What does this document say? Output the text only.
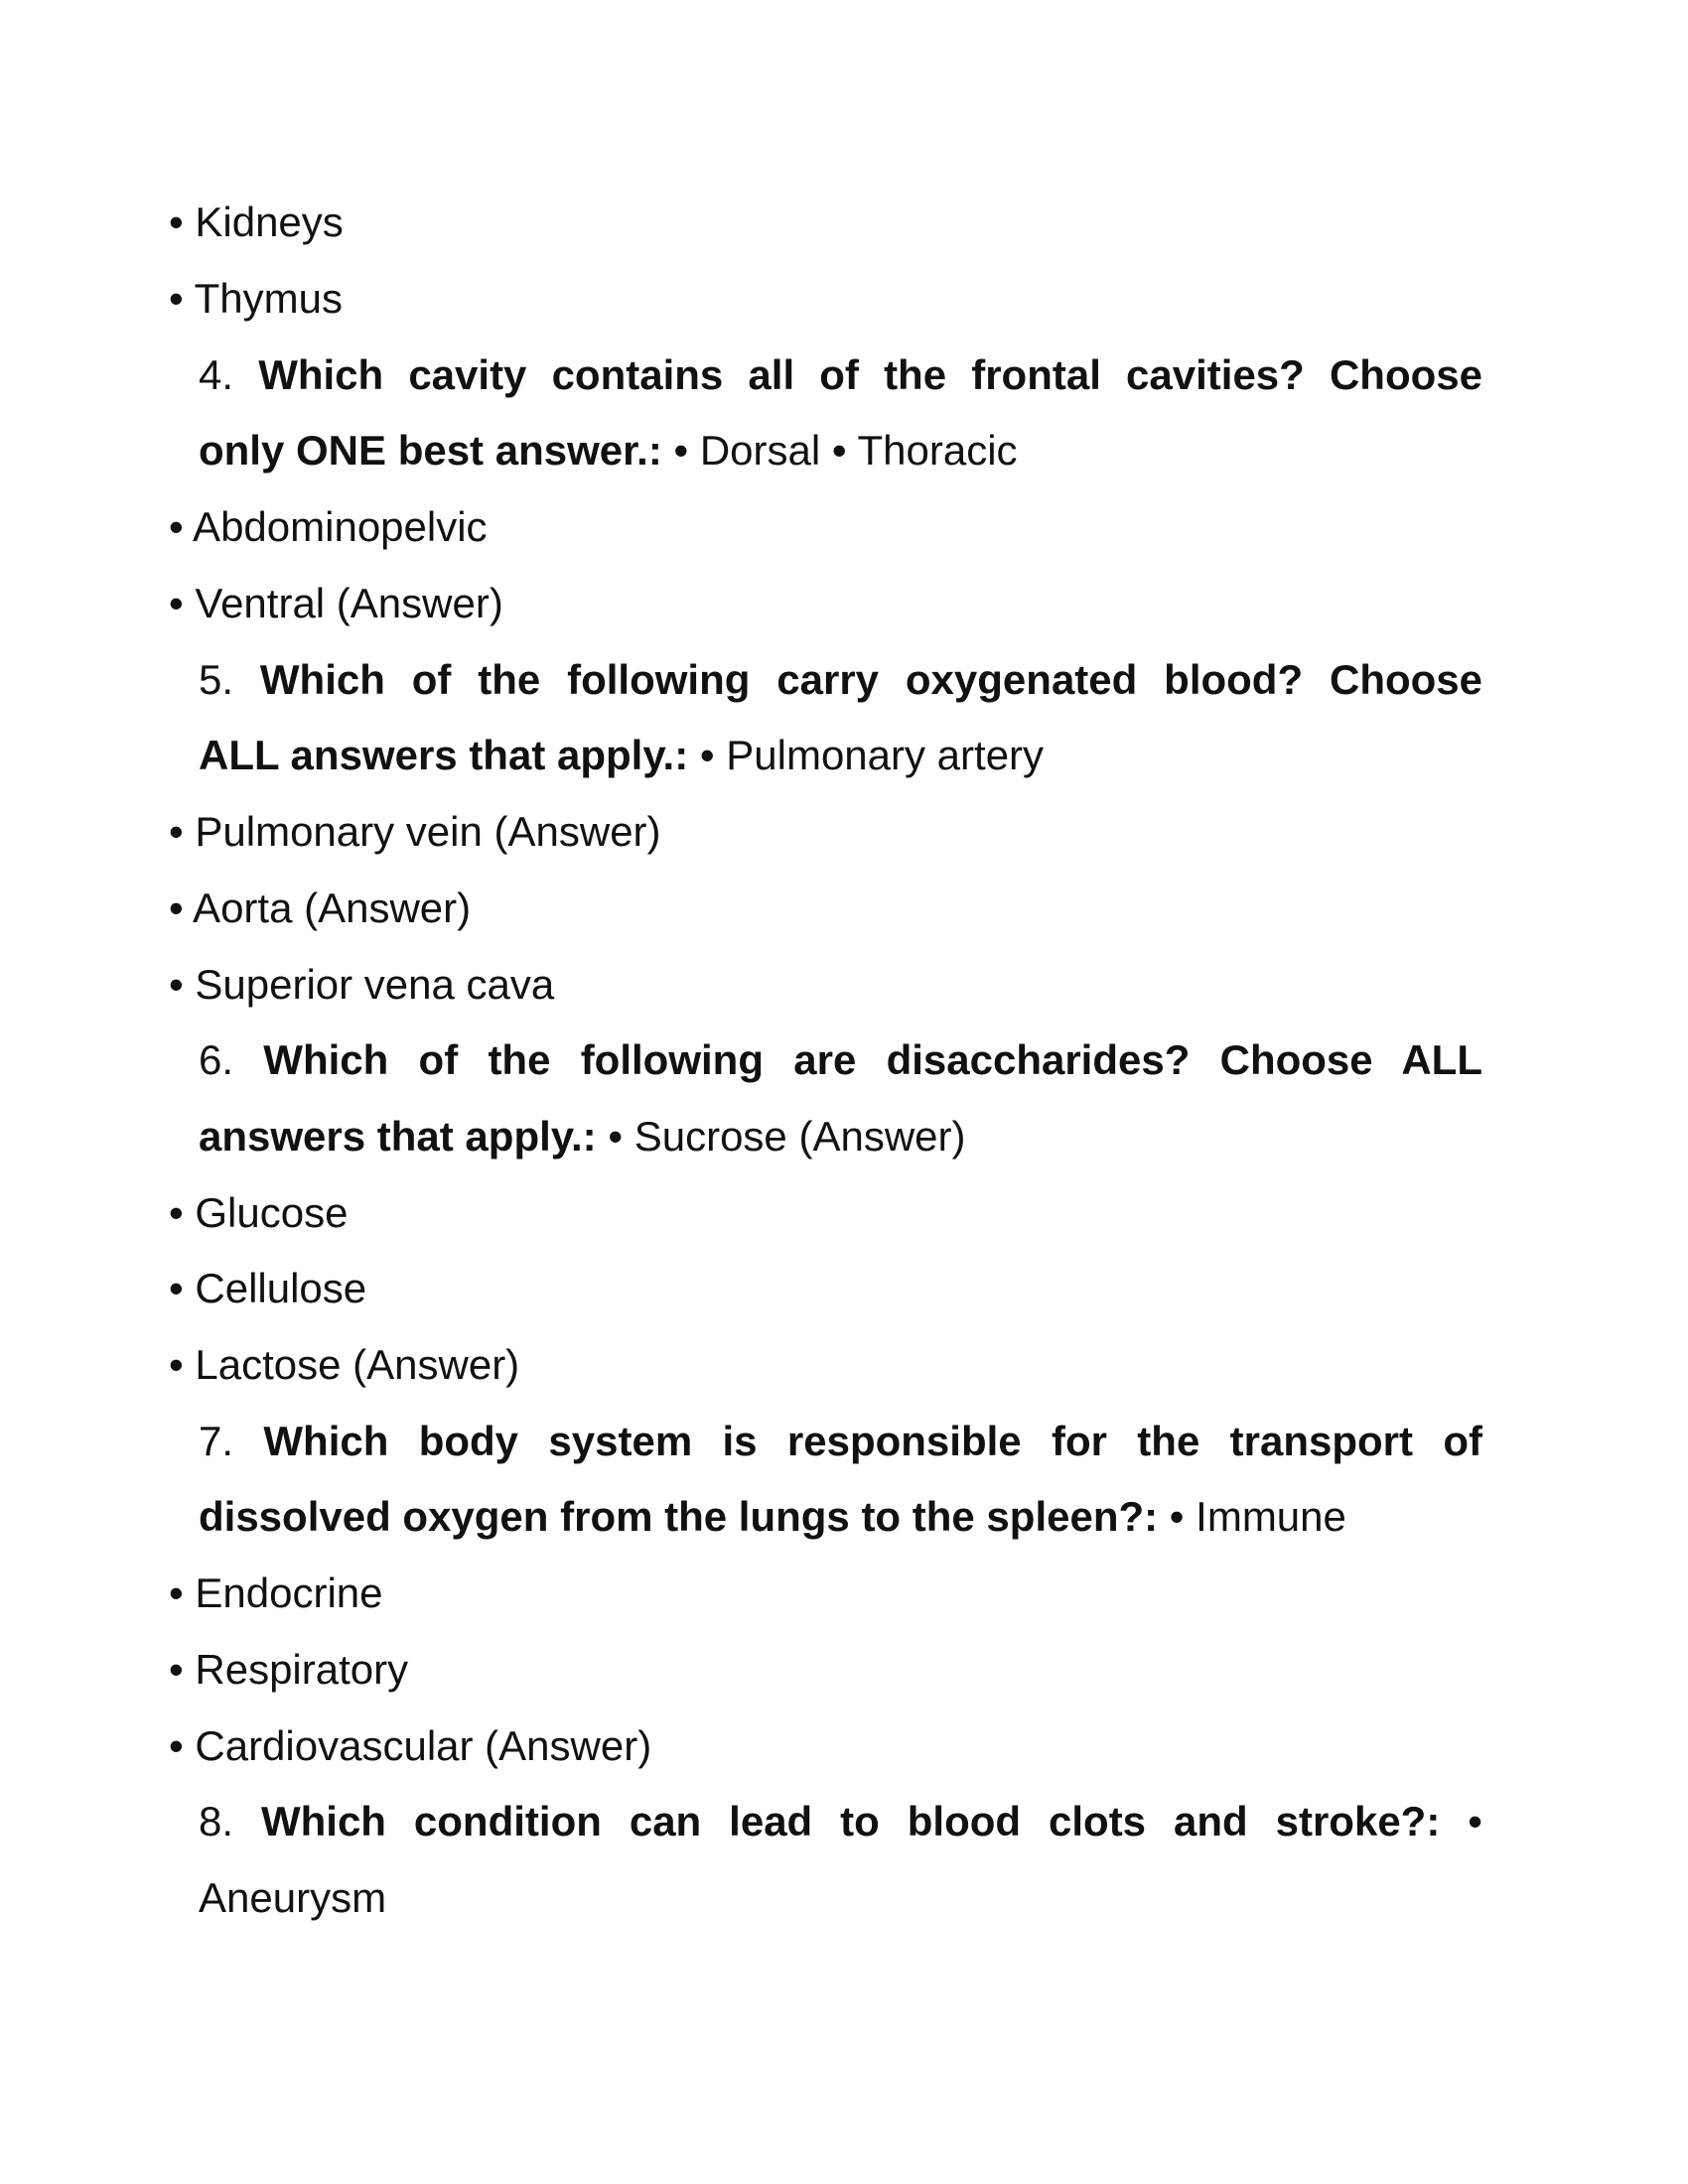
• Kidneys
• Thymus
4. Which cavity contains all of the frontal cavities? Choose
only ONE best answer.: • Dorsal • Thoracic
• Abdominopelvic
• Ventral (Answer)
5. Which of the following carry oxygenated blood? Choose
ALL answers that apply.: • Pulmonary artery
• Pulmonary vein (Answer)
• Aorta (Answer)
• Superior vena cava
6. Which of the following are disaccharides? Choose ALL
answers that apply.: • Sucrose (Answer)
• Glucose
• Cellulose
• Lactose (Answer)
7. Which body system is responsible for the transport of
dissolved oxygen from the lungs to the spleen?: • Immune
• Endocrine
• Respiratory
• Cardiovascular (Answer)
8. Which condition can lead to blood clots and stroke?: •
Aneurysm
